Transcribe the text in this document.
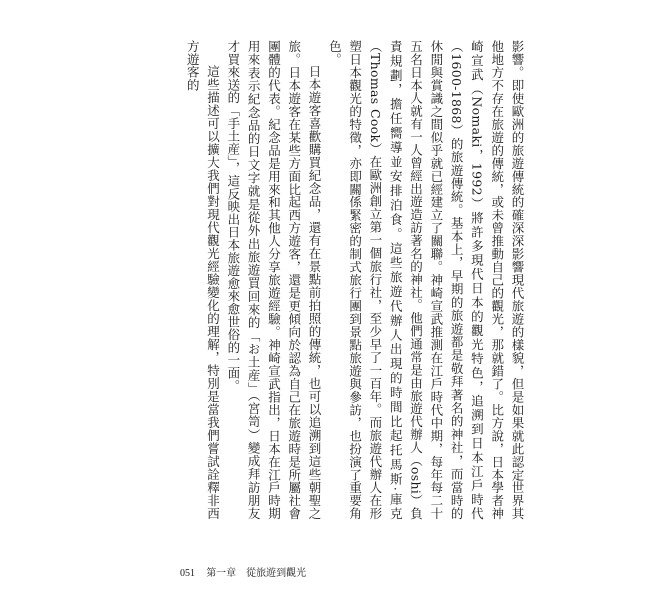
影響。即使歐洲的旅遊傳統的確深深影響現代旅遊的樣貌，但是如果就此認定世界其他地方不存在旅遊的傳統，或未曾推動自己的觀光，那就錯了。比方說，日本學者神崎宣武（Nomaki，1992）將許多現代日本的觀光特色，追溯到日本江戶時代（1600-1868）的旅遊傳統。基本上，早期的旅遊都是敬拜著名的神社，而當時的休閒與賞識之間似乎就已經建立了關聯。神崎宣武推測在江戶時代中期，每年每二十五名日本人就有一人曾經出遊造訪著名的神社。他們通常是由旅遊代辦人（oshi）負責規劃，擔任嚮導並安排泊食。這些旅遊代辦人出現的時間比起托馬斯·庫克（Thomas Cook）在歐洲創立第一個旅行社，至少早了一百年。而旅遊代辦人在形塑日本觀光的特徵，亦即關係緊密的制式旅行團到景點旅遊與參訪，也扮演了重要角色。

日本遊客喜歡購買紀念品，還有在景點前拍照的傳統，也可以追溯到這些朝聖之旅。日本遊客在某些方面比起西方遊客，還是更傾向於認為自己在旅遊時是所屬社會團體的代表。紀念品是用來和其他人分享旅遊經驗。神崎宣武指出，日本在江戶時期用來表示紀念品的日文字就是從外出旅遊買回來的「お土産」（宮笥）變成拜訪朋友才買來送的「手土産」，這反映出日本旅遊愈來愈世俗的一面。

這些描述可以擴大我們對現代觀光經驗變化的理解，特別是當我們嘗試詮釋非西方遊客的

051 第一章　從旅遊到觀光
